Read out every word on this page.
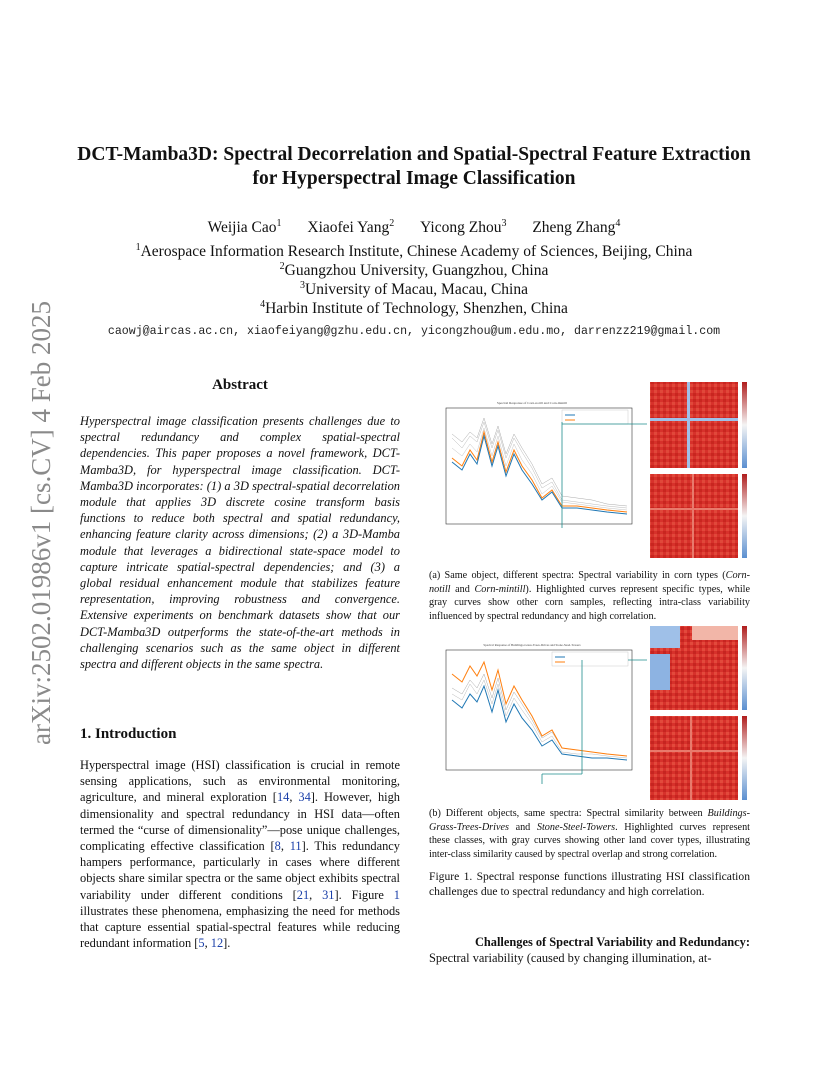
arXiv:2502.01986v1 [cs.CV] 4 Feb 2025
DCT-Mamba3D: Spectral Decorrelation and Spatial-Spectral Feature Extraction
for Hyperspectral Image Classification
Weijia Cao$^1$ Xiaofei Yang$^2$ Yicong Zhou$^3$ Zheng Zhang$^4$
$^1$Aerospace Information Research Institute, Chinese Academy of Sciences, Beijing, China
$^2$Guangzhou University, Guangzhou, China
$^3$University of Macau, Macau, China
$^4$Harbin Institute of Technology, Shenzhen, China
caowj@aircas.ac.cn, xiaofeiyang@gzhu.edu.cn, yicongzhou@um.edu.mo, darrenzz219@gmail.com
Abstract
Hyperspectral image classification presents challenges due to spectral redundancy and complex spatial-spectral dependencies. This paper proposes a novel framework, DCT-Mamba3D, for hyperspectral image classification. DCT-Mamba3D incorporates: (1) a 3D spectral-spatial decorrelation module that applies 3D discrete cosine transform basis functions to reduce both spectral and spatial redundancy, enhancing feature clarity across dimensions; (2) a 3D-Mamba module that leverages a bidirectional state-space model to capture intricate spatial-spectral dependencies; and (3) a global residual enhancement module that stabilizes feature representation, improving robustness and convergence. Extensive experiments on benchmark datasets show that our DCT-Mamba3D outperforms the state-of-the-art methods in challenging scenarios such as the same object in different spectra and different objects in the same spectra.
1. Introduction
Hyperspectral image (HSI) classification is crucial in remote sensing applications, such as environmental monitoring, agriculture, and mineral exploration [14, 34]. However, high dimensionality and spectral redundancy in HSI data—often termed the “curse of dimensionality”—pose unique challenges, complicating effective classification [8, 11]. This redundancy hampers performance, particularly in cases where different objects share similar spectra or the same object exhibits spectral variability under different conditions [21, 31]. Figure 1 illustrates these phenomena, emphasizing the need for methods that capture essential spatial-spectral features while reducing redundant information [5, 12].
Spectral Response of Corn-notill and Corn-mintill
(a) Same object, different spectra: Spectral variability in corn types (Corn-notill and Corn-mintill). Highlighted curves represent specific types, while gray curves show other corn samples, reflecting intra-class variability influenced by spectral redundancy and high correlation.
Spectral Response of Buildings-Grass-Trees-Drives and Stone-Steel-Towers
(b) Different objects, same spectra: Spectral similarity between Buildings-Grass-Trees-Drives and Stone-Steel-Towers. Highlighted curves represent these classes, with gray curves showing other land cover types, illustrating inter-class similarity caused by spectral overlap and strong correlation.
Figure 1. Spectral response functions illustrating HSI classification challenges due to spectral redundancy and high correlation.
Challenges of Spectral Variability and Redundancy:
Spectral variability (caused by changing illumination, at-
